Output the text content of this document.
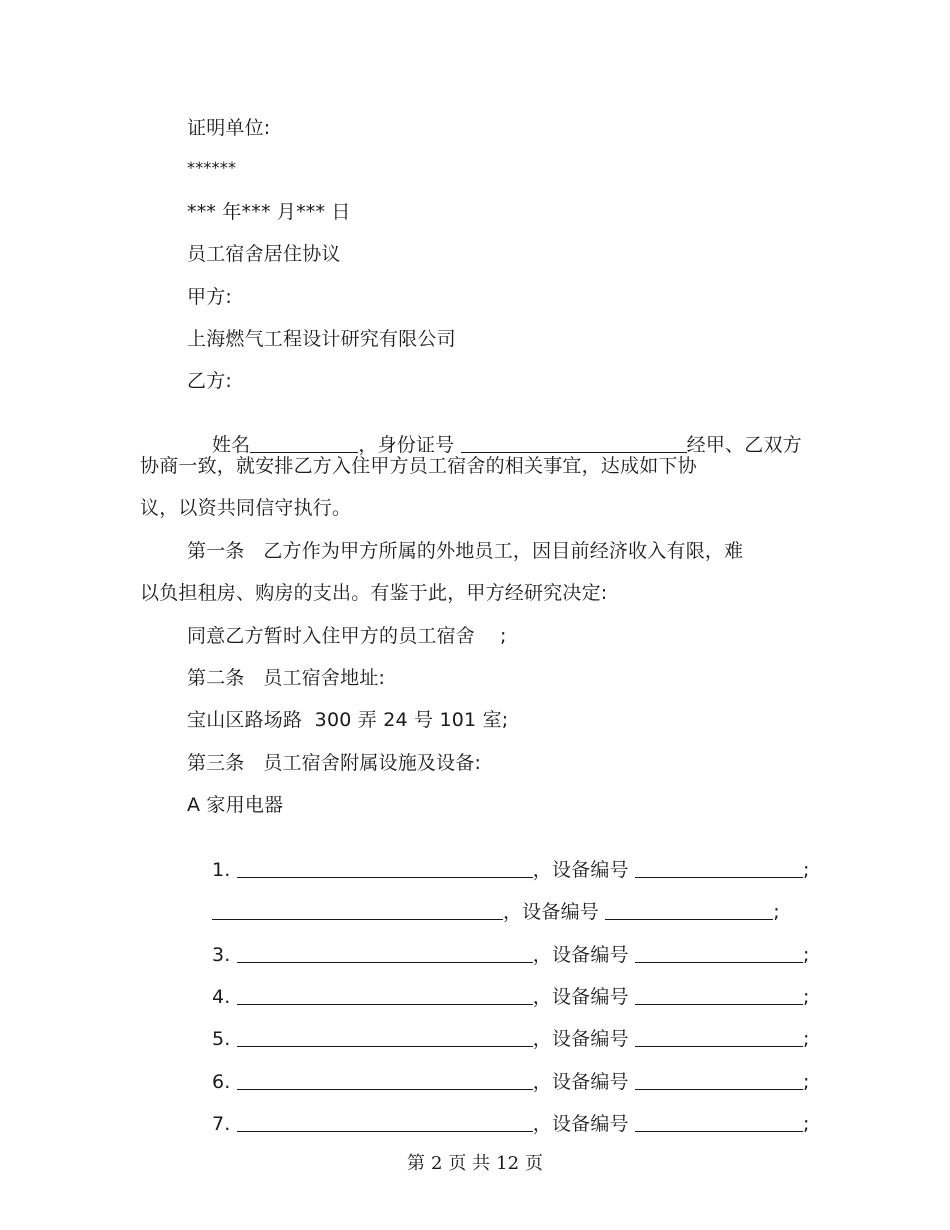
证明单位:
******
*** 年*** 月*** 日
员工宿舍居住协议
甲方:
上海燃气工程设计研究有限公司
乙方:

姓名	，身份证号	经甲、乙双方

协商一致，就安排乙方入住甲方员工宿舍的相关事宜，达成如下协
议，以资共同信守执行。
第一条   乙方作为甲方所属的外地员工，因目前经济收入有限，难
以负担租房、购房的支出。有鉴于此，甲方经研究决定:
同意乙方暂时入住甲方的员工宿舍    ;
第二条   员工宿舍地址:
宝山区路场路  300 弄 24 号 101 室;
第三条   员工宿舍附属设施及设备:
A 家用电器

1.	，设备编号	;

，设备编号	;

3.	，设备编号	;

4.	，设备编号	;

5.	，设备编号	;

6.	，设备编号	;

7.	，设备编号	;

第 2 页 共 12 页
